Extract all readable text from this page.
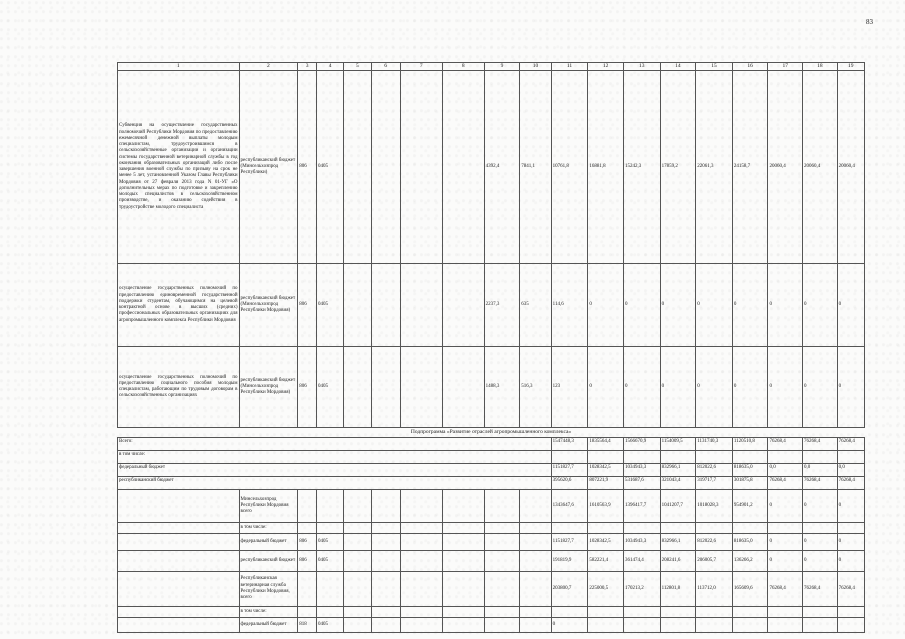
83
1	2	3	4	5	6	7	8	9	10	11	12	13	14	15	16	17	18	19
Субвенция на осуществление государственных полномочий Республики Мордовия по предоставлению ежемесячной денежной выплаты молодым специалистам, трудоустроившимся в сельскохозяйственные организации и организации системы государственной ветеринарной службы в год окончания образовательных организаций либо после завершения военной службы по призыву на срок не менее 5 лет, установленной Указом Главы Республики Мордовия от 27 февраля 2013 года N 01-УГ «О дополнительных мерах по подготовке и закреплению молодых специалистов в сельскохозяйственном производстве, и оказанию содействия в трудоустройстве молодого специалиста	республиканский бюджет (Минсельхозпрод Республики)	806	0405					4392,4	7841,1	10761,8	16881,8	15242,3	17859,2	22061,3	24158,7	20060,4	20060,4	20060,4
осуществление государственных полномочий по предоставлению единовременной государственной поддержки студентам, обучающимся на целевой контрактной основе в высших (средних) профессиональных образовательных организациях для агропромышленного комплекса Республики Мордовия	республиканский бюджет (Минсельхозпрод Республики Мордовия)	806	0405					2237,3	635	114,6	0	0	0	0	0	0	0	0
осуществление государственных полномочий по предоставлению социального пособия молодым специалистам, работающим по трудовым договорам в сельскохозяйственных организациях	республиканский бюджет (Минсельхозпрод Республики Мордовия)	806	0405					1488,3	516,3	123	0	0	0	0	0	0	0	0
Подпрограмма «Развитие отраслей агропромышленного комплекса»																		
Всего:										1547448,3	1835564,4	1566670,9	1154009,5	1131740,3	1120510,8	76268,4	76268,4	76268,4
в том числе:																		
федеральный бюджет										1151827,7	1028342,5	1034943,3	832966,1	812022,6	818635,0	0,0	0,0	0,0
республиканский бюджет										395620,6	807221,9	531687,6	321043,4	319717,7	301875,8	76268,4	76268,4	76268,4
	Минсельхозпрод Республики Мордовия всего									1343647,6	1610563,9	1396417,7	1041207,7	1018028,3	954901,2	0	0	0
	в том числе:																	
	федеральный бюджет	806	0405							1151827,7	1028342,5	1034943,3	832966,1	812022,6	818635,0	0	0	0
	республиканский бюджет	806	0405							191819,9	582221,4	361474,4	208241,6	206005,7	136266,2	0	0	0
	Республиканская ветеринарная служба Республики Мордовия, всего									203800,7	225000,5	170213,2	112801,8	113712,0	165609,6	76268,4	76268,4	76268,4
	в том числе:																	
	федеральный бюджет	818	0405							0								
